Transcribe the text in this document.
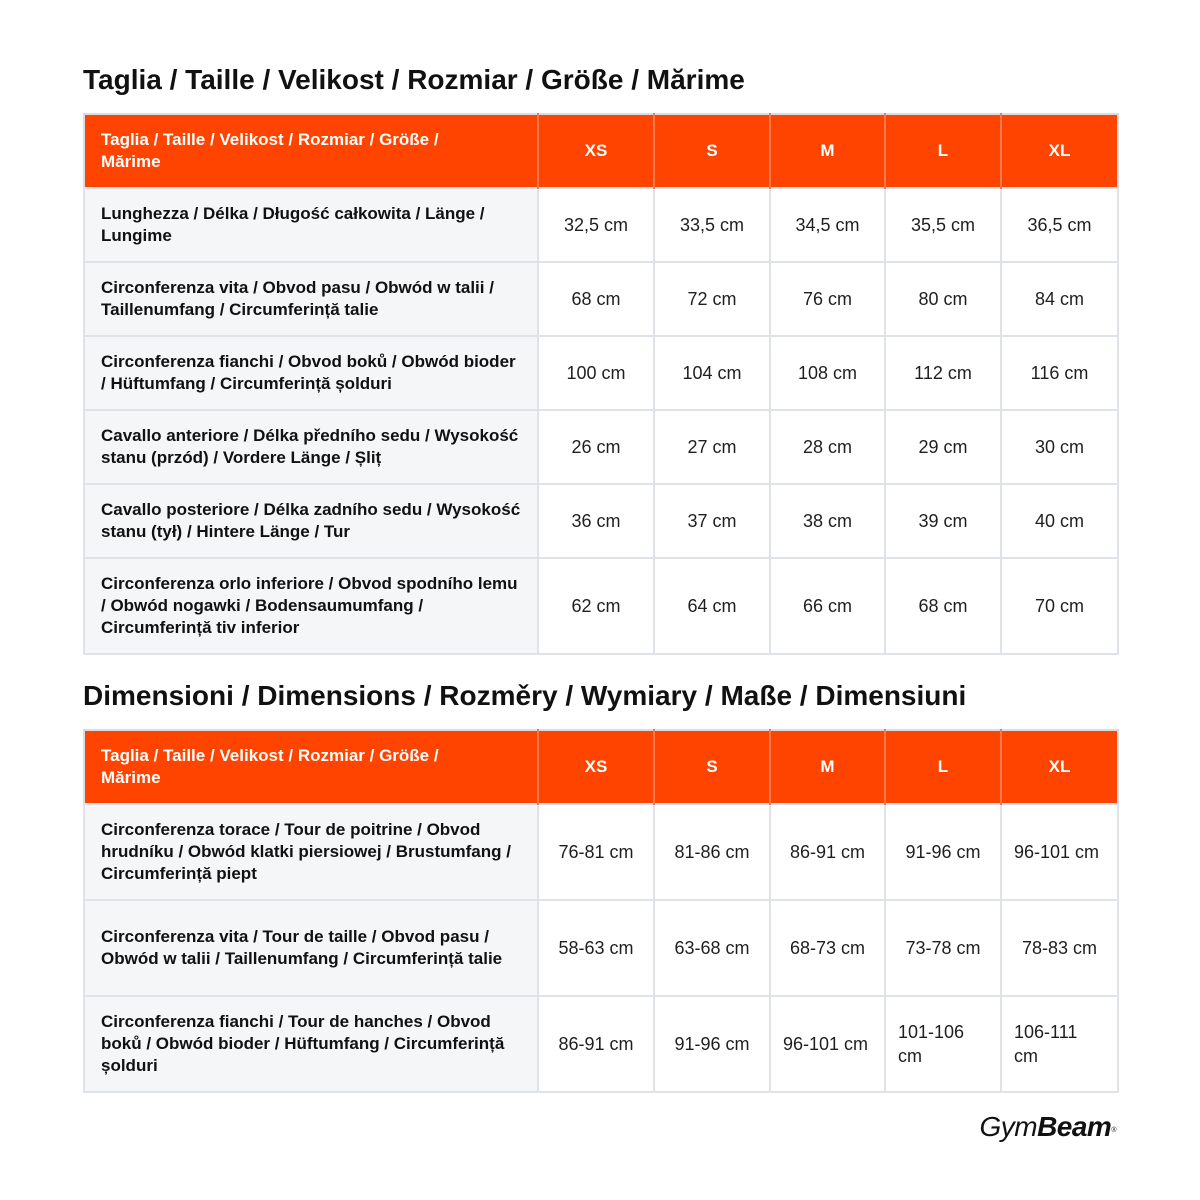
Taglia / Taille / Velikost / Rozmiar / Größe / Mărime
Taglia / Taille / Velikost / Rozmiar / Größe / Mărime	XS	S	M	L	XL
Lunghezza / Délka / Długość całkowita / Länge / Lungime	32,5 cm	33,5 cm	34,5 cm	35,5 cm	36,5 cm
Circonferenza vita / Obvod pasu / Obwód w talii / Taillenumfang / Circumferință talie	68 cm	72 cm	76 cm	80 cm	84 cm
Circonferenza fianchi / Obvod boků / Obwód bioder / Hüftumfang / Circumferință șolduri	100 cm	104 cm	108 cm	112 cm	116 cm
Cavallo anteriore / Délka předního sedu / Wysokość stanu (przód) / Vordere Länge / Șliț	26 cm	27 cm	28 cm	29 cm	30 cm
Cavallo posteriore / Délka zadního sedu / Wysokość stanu (tył) / Hintere Länge / Tur	36 cm	37 cm	38 cm	39 cm	40 cm
Circonferenza orlo inferiore / Obvod spodního lemu / Obwód nogawki / Bodensaumumfang / Circumferință tiv inferior	62 cm	64 cm	66 cm	68 cm	70 cm
Dimensioni / Dimensions / Rozměry / Wymiary / Maße / Dimensiuni
Taglia / Taille / Velikost / Rozmiar / Größe / Mărime	XS	S	M	L	XL
Circonferenza torace / Tour de poitrine / Obvod hrudníku / Obwód klatki piersiowej / Brustumfang / Circumferință piept	76-81 cm	81-86 cm	86-91 cm	91-96 cm	96-101 cm
Circonferenza vita / Tour de taille / Obvod pasu / Obwód w talii / Taillenumfang / Circumferință talie	58-63 cm	63-68 cm	68-73 cm	73-78 cm	78-83 cm
Circonferenza fianchi / Tour de hanches / Obvod boků / Obwód bioder / Hüftumfang / Circumferință șolduri	86-91 cm	91-96 cm	96-101 cm	101-106 cm	106-111 cm
GymBeam®
